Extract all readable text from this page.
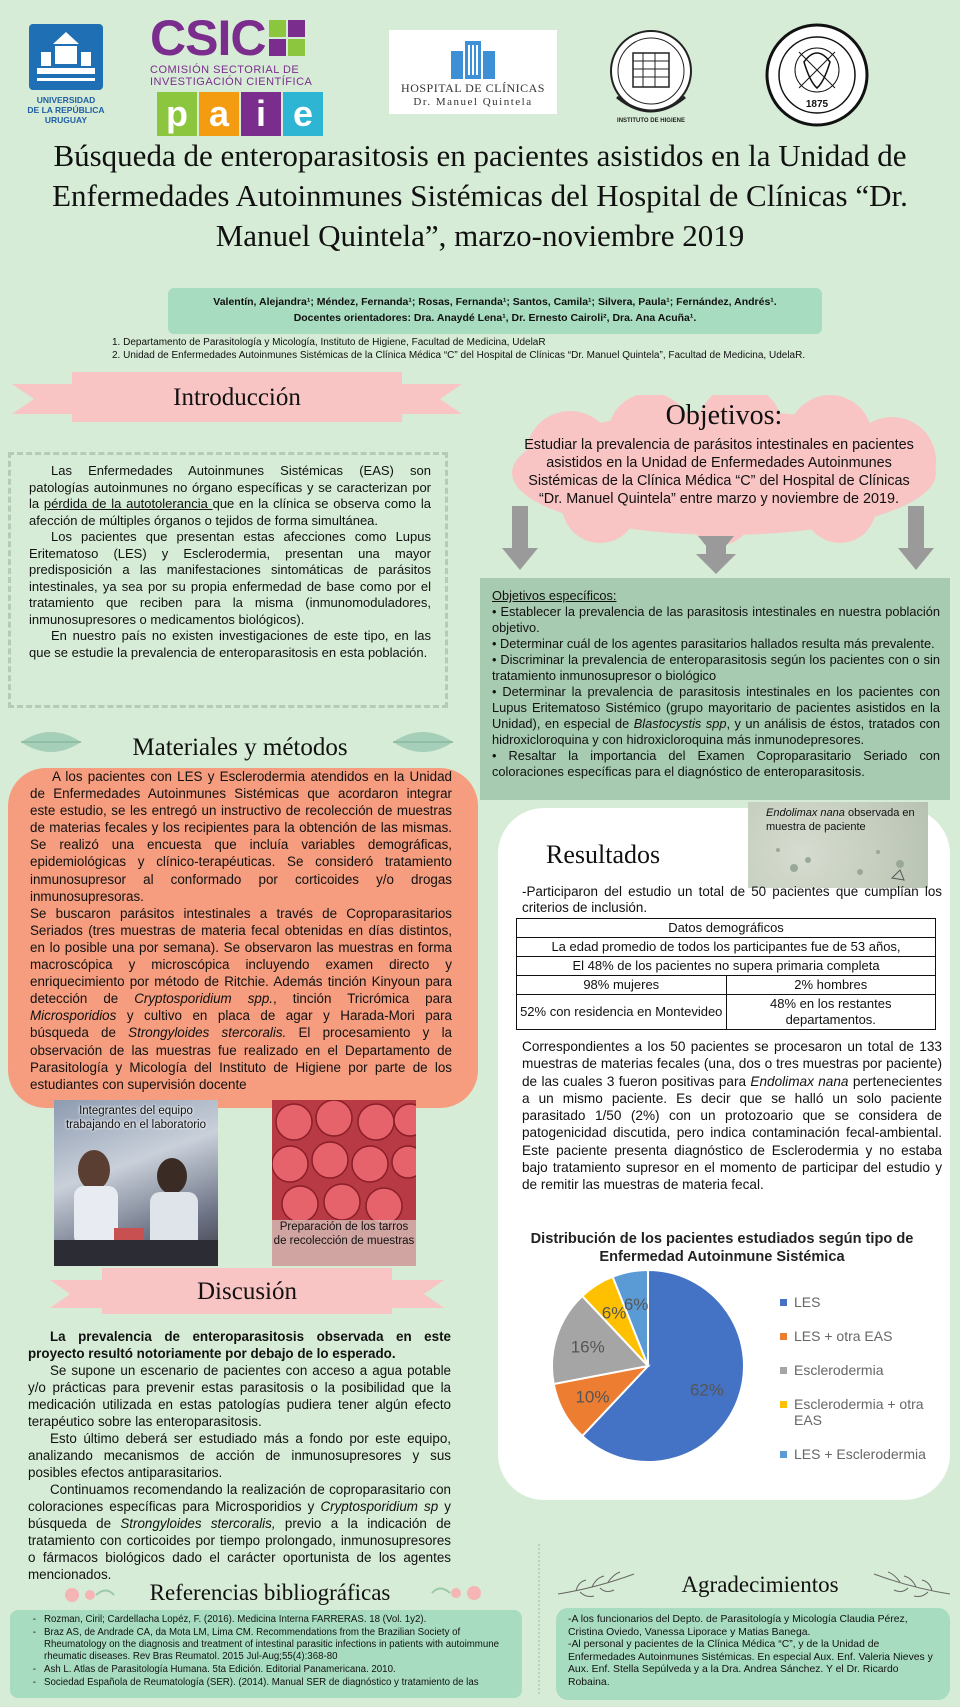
UNIVERSIDAD
DE LA REPÚBLICA
URUGUAY
CSIC
COMISIÓN SECTORIAL DE
INVESTIGACIÓN CIENTÍFICA
p a i e
HOSPITAL DE CLÍNICAS
Dr. Manuel Quintela
INSTITUTO DE HIGIENE
1875
Búsqueda de enteroparasitosis en pacientes asistidos en la Unidad de Enfermedades Autoinmunes Sistémicas del Hospital de Clínicas “Dr. Manuel Quintela”, marzo-noviembre 2019
Valentín, Alejandra¹; Méndez, Fernanda¹; Rosas, Fernanda¹; Santos, Camila¹; Silvera, Paula¹; Fernández, Andrés¹.
Docentes orientadores: Dra. Anaydé Lena¹, Dr. Ernesto Cairoli², Dra. Ana Acuña¹.
1. Departamento de Parasitología y Micología, Instituto de Higiene, Facultad de Medicina, UdelaR
2. Unidad de Enfermedades Autoinmunes Sistémicas de la Clínica Médica “C” del Hospital de Clínicas “Dr. Manuel Quintela”, Facultad de Medicina, UdelaR.
Introducción

Las Enfermedades Autoinmunes Sistémicas (EAS) son patologías autoinmunes no órgano específicas y se caracterizan por la pérdida de la autotolerancia que en la clínica se observa como la afección de múltiples órganos o tejidos de forma simultánea.

Los pacientes que presentan estas afecciones como Lupus Eritematoso (LES) y Esclerodermia, presentan una mayor predisposición a las manifestaciones sintomáticas de parásitos intestinales, ya sea por su propia enfermedad de base como por el tratamiento que reciben para la misma (inmunomoduladores, inmunosupresores o medicamentos biológicos).

En nuestro país no existen investigaciones de este tipo, en las que se estudie la prevalencia de enteroparasitosis en esta población.

Materiales y métodos

A los pacientes con LES y Esclerodermia atendidos en la Unidad de Enfermedades Autoinmunes Sistémicas que acordaron integrar este estudio, se les entregó un instructivo de recolección de muestras de materias fecales y los recipientes para la obtención de las mismas. Se realizó una encuesta que incluía variables demográficas, epidemiológicas y clínico-terapéuticas. Se consideró tratamiento inmunosupresor al conformado por corticoides y/o drogas inmunosupresoras.

Se buscaron parásitos intestinales a través de Coproparasitarios Seriados (tres muestras de materia fecal obtenidas en días distintos, en lo posible una por semana). Se observaron las muestras en forma macroscópica y microscópica incluyendo examen directo y enriquecimiento por método de Ritchie. Además tinción Kinyoun para detección de Cryptosporidium spp., tinción Tricrómica para Microsporidios y cultivo en placa de agar y Harada-Mori para búsqueda de Strongyloides stercoralis. El procesamiento y la observación de las muestras fue realizado en el Departamento de Parasitología y Micología del Instituto de Higiene por parte de los estudiantes con supervisión docente

Integrantes del equipo trabajando en el laboratorio
Preparación de los tarros de recolección de muestras
Discusión

La prevalencia de enteroparasitosis observada en este proyecto resultó notoriamente por debajo de lo esperado.

Se supone un escenario de pacientes con acceso a agua potable y/o prácticas para prevenir estas parasitosis o la posibilidad que la medicación utilizada en estas patologías pudiera tener algún efecto terapéutico sobre las enteroparasitosis.

Esto último deberá ser estudiado más a fondo por este equipo, analizando mecanismos de acción de inmunosupresores y sus posibles efectos antiparasitarios.

Continuamos recomendando la realización de coproparasitario con coloraciones específicas para Microsporidios y Cryptosporidium sp y búsqueda de Strongyloides stercoralis, previo a la indicación de tratamiento con corticoides por tiempo prolongado, inmunosupresores o fármacos biológicos dado el carácter oportunista de los agentes mencionados.

Referencias bibliográficas
- Rozman, Ciril; Cardellacha Lopéz, F. (2016). Medicina Interna FARRERAS. 18 (Vol. 1y2).
- Braz AS, de Andrade CA, da Mota LM, Lima CM. Recommendations from the Brazilian Society of Rheumatology on the diagnosis and treatment of intestinal parasitic infections in patients with autoimmune rheumatic diseases. Rev Bras Reumatol. 2015 Jul-Aug;55(4):368-80
- Ash L. Atlas de Parasitología Humana. 5ta Edición. Editorial Panamericana. 2010.
- Sociedad Española de Reumatología (SER). (2014). Manual SER de diagnóstico y tratamiento de las
Objetivos:
Estudiar la prevalencia de parásitos intestinales en pacientes asistidos en la Unidad de Enfermedades Autoinmunes Sistémicas de la Clínica Médica “C” del Hospital de Clínicas “Dr. Manuel Quintela” entre marzo y noviembre de 2019.

Objetivos específicos:

• Establecer la prevalencia de las parasitosis intestinales en nuestra población objetivo.

• Determinar cuál de los agentes parasitarios hallados resulta más prevalente.

• Discriminar la prevalencia de enteroparasitosis según los pacientes con o sin tratamiento inmunosupresor o biológico

• Determinar la prevalencia de parasitosis intestinales en los pacientes con Lupus Eritematoso Sistémico (grupo mayoritario de pacientes asistidos en la Unidad), en especial de Blastocystis spp, y un análisis de éstos, tratados con hidroxicloroquina y con hidroxicloroquina más inmunodepresores.

• Resaltar la importancia del Examen Coproparasitario Seriado con coloraciones específicas para el diagnóstico de enteroparasitosis.

Endolimax nana observada en muestra de paciente
Resultados
-Participaron del estudio un total de 50 pacientes que cumplían los criterios de inclusión.
Datos demográficos	
La edad promedio de todos los participantes fue de 53 años,	
El 48% de los pacientes no supera primaria completa	
98% mujeres	2% hombres
52% con residencia en Montevideo	48% en los restantes departamentos.
Correspondientes a los 50 pacientes se procesaron un total de 133 muestras de materias fecales (una, dos o tres muestras por paciente) de las cuales 3 fueron positivas para Endolimax nana pertenecientes a un mismo paciente. Es decir que se halló un solo paciente parasitado 1/50 (2%) con un protozoario que se considera de patogenicidad discutida, pero indica contaminación fecal-ambiental. Este paciente presenta diagnóstico de Esclerodermia y no estaba bajo tratamiento supresor en el momento de participar del estudio y de remitir las muestras de materia fecal.
Distribución de los pacientes estudiados según tipo de Enfermedad Autoinmune Sistémica
62%
10%
16%
6%
6%	LES
LES + otra EAS
Esclerodermia
Esclerodermia + otra EAS
LES + Esclerodermia
Agradecimientos

-A los funcionarios del Depto. de Parasitología y Micología Claudia Pérez, Cristina Oviedo, Vanessa Liporace y Matias Banega.

-Al personal y pacientes de la Clínica Médica “C”, y de la Unidad de Enfermedades Autoinmunes Sistémicas. En especial Aux. Enf. Valeria Nieves y Aux. Enf. Stella Sepúlveda y a la Dra. Andrea Sánchez. Y el Dr. Ricardo Robaina.
